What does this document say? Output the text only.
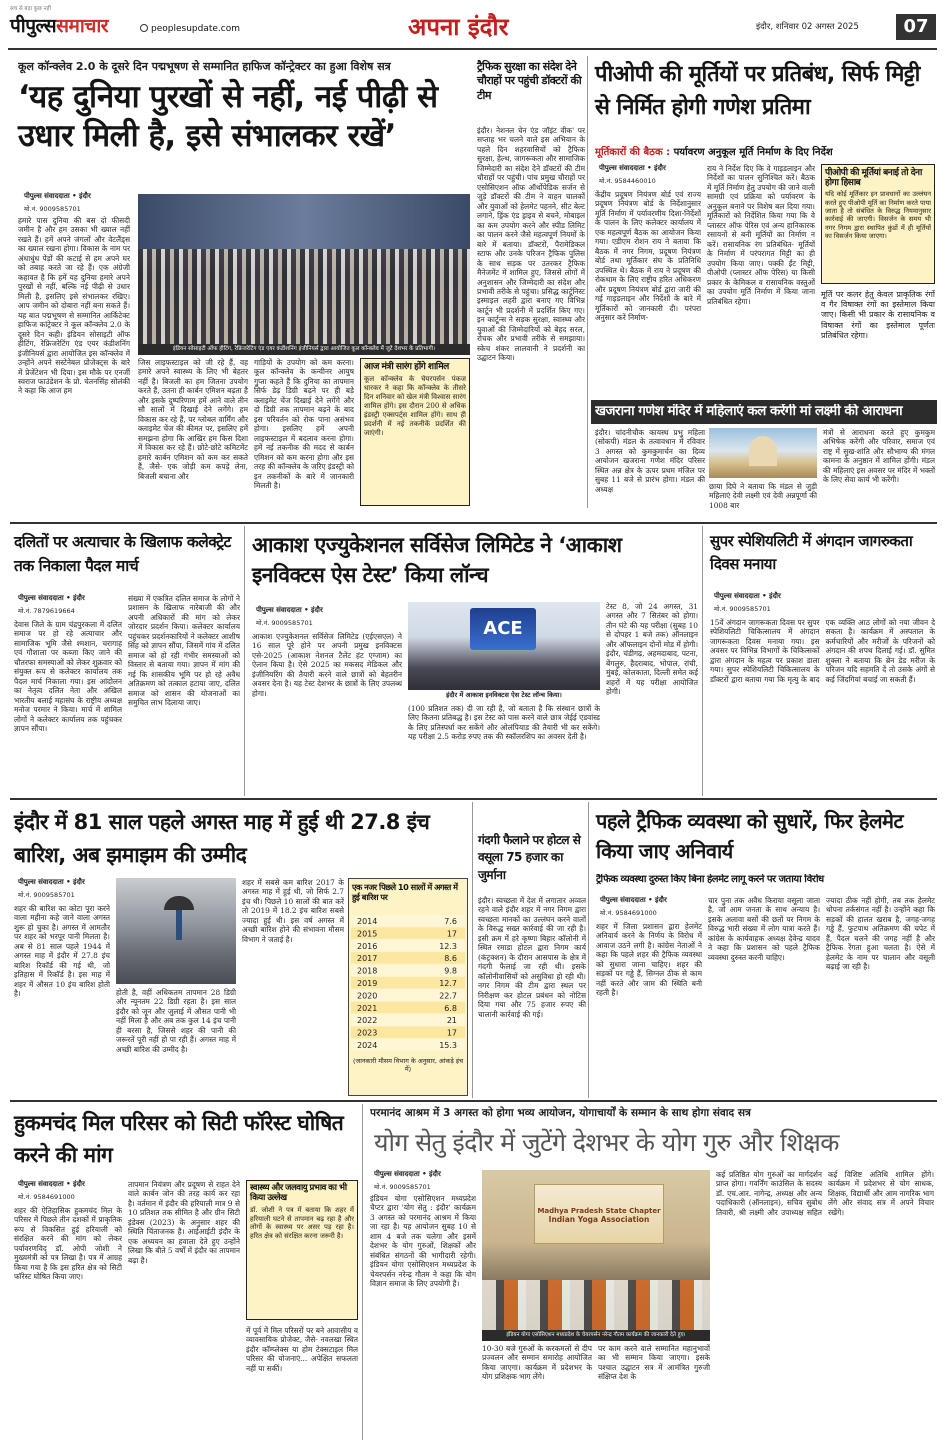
पीपुल्ससमाचार
सच से बड़ा कुछ नहीं
peoplesupdate.com	अपना इंदौर	इंदौर, शनिवार 02 अगस्त 2025	07
कूल कॉन्क्लेव 2.0 के दूसरे दिन पद्मभूषण से सम्मानित हाफिज कॉन्ट्रेक्टर का हुआ विशेष सत्र
‘यह दुनिया पुरखों से नहीं, नई पीढ़ी से उधार मिली है, इसे संभालकर रखें’
पीपुल्स संवाददाता • इंदौर
मो.नं. 9009585701
हमारे पास दुनिया की बस दो फीसदी जमीन है और हम उसका भी ख्याल नहीं रखते हैं। हमें अपने जंगलों और वेटलैंड्स का ख्याल रखना होगा। विकास के नाम पर अंधाधुंध पेड़ों की कटाई से हम अपने घर को तबाह करते जा रहे हैं। एक अंग्रेजी कहावत है कि हमें यह दुनिया हमारे अपने पुरखों से नहीं, बल्कि नई पीढ़ी से उधार मिली है, इसलिए इसे संभालकर रखिए। आप जमीन को दोबारा नहीं बना सकते हैं। यह बात पद्मभूषण से सम्मानित आर्किटेक्ट हाफिज कांट्रेक्टर ने कूल कॉन्क्लेव 2.0 के दूसरे दिन कही। इंडियन सोसाइटी ऑफ हीटिंग, रेफ्रिजरेटिंग एंड एयर कंडीशनिंग इंजीनियर्स द्वारा आयोजित इस कॉन्क्लेव में उन्होंने अपने सस्टेनेबल प्रोजेक्ट्स के बारे में प्रेजेंटेशन भी दिया। इस मौके पर एनर्जी स्वराज फाउंडेशन के प्रो. चेतनसिंह सोलंकी ने कहा कि आज हम
इंडियन सोसाइटी ऑफ हीटिंग, रेफ्रिजरेटिंग एंड एयर कंडीशनिंग इंजीनियर्स द्वारा आयोजित कूल कॉन्क्लेव में जुटे देशभर के प्रतिभागी।
जिस लाइफस्टाइल को जी रहे हैं, वह हमारे अपने स्वास्थ्य के लिए भी बेहतर नहीं है। बिजली का हम जितना उपयोग करते हैं, उतना ही कार्बन एमिशन बढ़ता है और इसके दुष्परिणाम हमें आने वाले तीन सौ सालों में दिखाई देने लगेंगे। हम विकास कर रहे हैं, पर ग्लोबल वार्मिंग और क्लाइमेट चेंज की कीमत पर, इसलिए हमें समझना होगा कि आखिर हम किस दिशा में विकास कर रहे हैं। छोटे-छोटे कमिटमेंट हमारे कार्बन एमिशन को कम कर सकते हैं, जैसे- एक जोड़ी कम कपड़े लेना, बिजली बचाना और
गाड़ियों के उपयोग को कम करना। कूल कॉन्क्लेव के कन्वीनर आयुष गुप्ता कहते हैं कि दुनिया का तापमान सिर्फ डेढ़ डिग्री बढ़ने पर ही बड़े क्लाइमेट चेंज दिखाई देने लगेंगे और दो डिग्री तक तापमान बढ़ने के बाद इस परिवर्तन को रोक पाना असंभव होगा। इसलिए हमें अपनी लाइफस्टाइल में बदलाव करना होगा। हमें नई तकनीक की मदद से कार्बन एमिशन को कम करना होगा और इस तरह की कॉन्क्लेव के जरिए इंडस्ट्री को इन तकनीकों के बारे में जानकारी मिलती है।
आज मंत्री सारंग होंगे शामिल
कूल कॉन्क्लेव के चेयरपर्सन पंकज धारकर ने कहा कि कॉन्क्लेव के तीसरे दिन शनिवार को खेल मंत्री विश्वास सारंग शामिल होंगे। इस दौरान 200 से अधिक इंडस्ट्री एक्सपर्ट्स शामिल होंगे। साथ ही प्रदर्शनी में नई तकनीकें प्रदर्शित की जाएंगी।
ट्रैफिक सुरक्षा का संदेश देने चौराहों पर पहुंची डॉक्टरों की टीम
इंदौर। नेशनल चेन एंड जॉइंट वीक' पर सप्ताह भर चलने वाले इस अभियान के पहले दिन शहरवासियों को ट्रैफिक सुरक्षा, हेल्थ, जागरूकता और सामाजिक जिम्मेदारी का संदेश देने डॉक्टरों की टीम चौराहों पर पहुंची। पांच प्रमुख चौराहों पर एसोसिएशन ऑफ ऑर्थोपेडिक सर्जन से जुड़े डॉक्टरों की टीम ने वाहन चालकों और युवाओं को हेलमेट पहनने, सीट बेल्ट लगाने, ड्रिंक एंड ड्राइव से बचने, मोबाइल का कम उपयोग करने और स्पीड लिमिट का पालन करने जैसे महत्वपूर्ण नियमों के बारे में बताया। डॉक्टरों, पैरामेडिकल स्टाफ और उनके परिजन ट्रैफिक पुलिस के साथ सड़क पर उतरकर ट्रैफिक मैनेजमेंट में शामिल हुए, जिससे लोगों में अनुशासन और जिम्मेदारी का संदेश और प्रभावी तरीके से पहुंचा। प्रसिद्ध कार्टूनिस्ट इस्माइल लहरी द्वारा बनाए गए विभिन्न कार्टून भी प्रदर्शनी में प्रदर्शित किए गए। इन कार्टून्स ने सड़क सुरक्षा, स्वास्थ्य और युवाओं की जिम्मेदारियों को बेहद सरल, रोचक और प्रभावी तरीके से समझाया। स्केच शंकर लालवानी ने प्रदर्शनी का उद्घाटन किया।
पीओपी की मूर्तियों पर प्रतिबंध, सिर्फ मिट्टी से निर्मित होगी गणेश प्रतिमा
मूर्तिकारों की बैठक : पर्यावरण अनुकूल मूर्ति निर्माण के दिए निर्देश
पीपुल्स संवाददाता • इंदौर
मो.नं. 9584460010
केंद्रीय प्रदूषण नियंत्रण बोर्ड एवं राज्य प्रदूषण नियंत्रण बोर्ड के निर्देशानुसार मूर्ति निर्माण में पर्यावरणीय दिशा-निर्देशों के पालन के लिए कलेक्टर कार्यालय में एक महत्वपूर्ण बैठक का आयोजन किया गया। एडीएम रोशन राय ने बताया कि बैठक में नगर निगम, प्रदूषण नियंत्रण बोर्ड तथा मूर्तिकार संघ के प्रतिनिधि उपस्थित थे। बैठक में राय ने प्रदूषण की रोकथाम के लिए राष्ट्रीय हरित अधिकरण और प्रदूषण नियंत्रण बोर्ड द्वारा जारी की गई गाइडलाइन और निर्देशों के बारे में मूर्तिकारों को जानकारी दी। परंपरा अनुसार करें निर्माण-
राय ने निर्देश दिए कि वे गाइडलाइन और निर्देशों का पालन सुनिश्चित करें। बैठक में मूर्ति निर्माण हेतु उपयोग की जाने वाली सामग्री एवं प्रक्रिया को पर्यावरण के अनुकूल बनाने पर विशेष बल दिया गया। मूर्तिकारों को निर्देशित किया गया कि वे प्लास्टर ऑफ पेरिस एवं अन्य हानिकारक रसायनों से बनी मूर्तियों का निर्माण न करें। रासायनिक रंग प्रतिबंधित- मूर्तियों के निर्माण में परंपरागत मिट्टी का ही उपयोग किया जाए। पक्की ईंट मिट्टी, पीओपी (प्लास्टर ऑफ पेरिस) या किसी प्रकार के केमिकल व रासायनिक वस्तुओं का उपयोग मूर्ति निर्माण में किया जाना प्रतिबंधित रहेगा।
पीओपी की मूर्तियां बनाई तो देना होगा हिसाब
यदि कोई मूर्तिकार इन प्रावधानों का उल्लंघन करते हुए पीओपी मूर्ति का निर्माण करते पाया जाता है तो संबंधित के विरुद्ध नियमानुसार कार्रवाई की जाएगी। विसर्जन के समय भी नगर निगम द्वारा स्थापित कुंडों में ही मूर्तियों का विसर्जन किया जाएगा।
मूर्ति पर कलर हेतु केवल प्राकृतिक रंगों व गैर विषाक्त रंगों का इस्तेमाल किया जाए। किसी भी प्रकार के रासायनिक व विषाक्त रंगों का इस्तेमाल पूर्णतः प्रतिबंधित रहेगा।
खजराना गणेश मंदिर में महिलाएं कल करेंगी मां लक्ष्मी की आराधना
इंदौर। चांदनीचौक कायस्थ प्रभु महिला (सोकपी) मंडल के तत्वावधान में रविवार 3 अगस्त को कुमकुमार्चन का दिव्य आयोजन खजराना गणेश मंदिर परिसर स्थित अन्न क्षेत्र के ऊपर प्रथम मंजिल पर सुबह 11 बजे से प्रारंभ होगा। मंडल की अध्यक्ष	छाया दिघे ने बताया कि मंडल से जुड़ी महिलाएं देवी लक्ष्मी एवं देवी अन्नपूर्णा की 1008 बार
मंत्रों से आराधना करते हुए कुमकुम अभिषेक करेंगी और परिवार, समाज एवं राष्ट्र में सुख-शांति और सौभाग्य की मंगल कामना के अनुष्ठान में शामिल होंगी। मंडल की महिलाएं इस अवसर पर मंदिर में भक्तों के लिए सेवा कार्य भी करेंगी।
दलितों पर अत्याचार के खिलाफ कलेक्ट्रेट तक निकाला पैदल मार्च
पीपुल्स संवाददाता • इंदौर
मो.नं. 7879619664
देवास जिले के ग्राम चंद्रपुरकला में दलित समाज पर हो रहे अत्याचार और सामाजिक भूमि जैसे श्मशान, चरागाह एवं गौशाला पर कब्जा किए जाने की चौतरफा समस्याओं को लेकर शुक्रवार को संयुक्त रूप से कलेक्टर कार्यालय तक पैदल मार्च निकाला गया। इस आंदोलन का नेतृत्व दलित नेता और अखिल भारतीय बलाई महासंघ के राष्ट्रीय अध्यक्ष मनोज परमार ने किया। मार्च में शामिल लोगों ने कलेक्टर कार्यालय तक पहुंचकर ज्ञापन सौंपा।
संख्या में एकत्रित दलित समाज के लोगों ने प्रशासन के खिलाफ नारेबाजी की और अपनी अधिकारों की मांग को लेकर जोरदार प्रदर्शन किया। कलेक्टर कार्यालय पहुंचकर प्रदर्शनकारियों ने कलेक्टर आशीष सिंह को ज्ञापन सौंपा, जिसमें गांव में दलित समाज को हो रही गंभीर समस्याओं को विस्तार से बताया गया। ज्ञापन में मांग की गई कि शासकीय भूमि पर हो रहे अवैध अतिक्रमण को तत्काल हटाया जाए, दलित समाज को शासन की योजनाओं का समुचित लाभ दिलाया जाए।
आकाश एज्युकेशनल सर्विसेज लिमिटेड ने ‘आकाश इनविक्टस ऐस टेस्ट’ किया लॉन्च
पीपुल्स संवाददाता • इंदौर
मो.नं. 9009585701	ACE
इंदौर में आकाश इनविक्टस ऐस टेस्ट लॉन्च किया।
आकाश एज्युकेशनल सर्विसेज लिमिटेड (एईएसएल) ने 16 साल पूरे होने पर अपनी प्रमुख इनविक्टस एसे-2025 (आकाश नेशनल टैलेंट हंट एग्जाम) का ऐलान किया है। ऐसे 2025 का मकसद मेडिकल और इंजीनियरिंग की तैयारी करने वाले छात्रों को बेहतरीन अवसर देना है। यह टेस्ट देशभर के छात्रों के लिए उपलब्ध होगा।
(100 प्रतिशत तक) दी जा रही है, जो बताता है कि संस्थान छात्रों के लिए कितना प्रतिबद्ध है। इस टेस्ट को पास करने वाले छात्र जेईई एडवांस्ड के लिए प्रतिस्पर्धा कर सकेंगे और ओलंपियाड की तैयारी भी कर सकेंगे। यह परीक्षा 2.5 करोड़ रुपए तक की स्कॉलरशिप का अवसर देती है।
टेस्ट 8, जो 24 अगस्त, 31 अगस्त और 7 सितंबर को होगा। तीन घंटे की यह परीक्षा (सुबह 10 से दोपहर 1 बजे तक) ऑनलाइन और ऑफलाइन दोनों मोड में होगी। इंदौर, चंडीगढ़, अहमदाबाद, पटना, बेंगलुरु, हैदराबाद, भोपाल, रांची, मुंबई, कोलकाता, दिल्ली समेत कई शहरों में यह परीक्षा आयोजित होगी।
सुपर स्पेशियलिटी में अंगदान जागरुकता दिवस मनाया
पीपुल्स संवाददाता • इंदौर
मो.नं. 9009585701
15वें अंगदान जागरूकता दिवस पर सुपर स्पेशियलिटी चिकित्सालय में अंगदान जागरूकता दिवस मनाया गया। इस अवसर पर विभिन्न विभागों के चिकित्सकों द्वारा अंगदान के महत्व पर प्रकाश डाला गया। सुपर स्पेशियलिटी चिकित्सालय के डॉक्टरों द्वारा बताया गया कि मृत्यु के बाद एक व्यक्ति आठ लोगों को नया जीवन दे सकता है। कार्यक्रम में अस्पताल के कर्मचारियों और मरीजों के परिजनों को अंगदान की शपथ दिलाई गई। डॉ. सुमित शुक्ला ने बताया कि ब्रेन डेड मरीज के परिजन यदि सहमति दें तो उसके अंगों से कई जिंदगियां बचाई जा सकती हैं।
इंदौर में 81 साल पहले अगस्त माह में हुई थी 27.8 इंच बारिश, अब झमाझम की उम्मीद
पीपुल्स संवाददाता • इंदौर
मो.नं. 9009585701
शहर की बारिश का कोटा पूरा करने वाला महीना कहे जाने वाला अगस्त शुरू हो चुका है। अगस्त में आमतौर पर शहर को भरपूर पानी मिलता है। अब से 81 साल पहले 1944 में अगस्त माह में इंदौर में 27.8 इंच बारिश रिकॉर्ड की गई थी, जो इतिहास में रिकॉर्ड है। इस माह में शहर में औसत 10 इंच बारिश होती है।	होती है, वहीं अधिकतम तापमान 28 डिग्री और न्यूनतम 22 डिग्री रहता है। इस साल इंदौर को जून और जुलाई में औसत पानी भी नहीं मिला है और अब तक कुल 14 इंच पानी ही बरसा है, जिससे शहर की पानी की जरूरतें पूरी नहीं हो पा रही हैं। अगस्त माह में अच्छी बारिश की उम्मीद है।
शहर में सबसे कम बारिश 2017 के अगस्त माह में हुई थी, जो सिर्फ 2.7 इंच थी। पिछले 10 सालों की बात करें तो 2019 में 18.2 इंच बारिश सबसे ज्यादा हुई थी। इस वर्ष अगस्त में अच्छी बारिश होने की संभावना मौसम विभाग ने जताई है।
एक नजर पिछले 10 सालों में अगस्त में हुई बारिश पर
2014	7.6
2015	17
2016	12.3
2017	8.6
2018	9.8
2019	12.7
2020	22.7
2021	6.8
2022	21
2023	17
2024	15.3
(जानकारी मौसम विभाग के अनुसार, आंकड़े इंच में)
गंदगी फैलाने पर होटल से वसूला 75 हजार का जुर्माना
इंदौर। स्वच्छता में देश में लगातार अव्वल रहने वाले इंदौर शहर में नगर निगम द्वारा स्वच्छता मानकों का उल्लंघन करने वालों के विरुद्ध सख्त कार्रवाई की जा रही है। इसी क्रम में हरे कृष्णा बिहार कॉलोनी में स्थित रमाडा होटल द्वारा निगम कार्य (कंट्रक्शन) के दौरान आसपास के क्षेत्र में गंदगी फैलाई जा रही थी। इसके कॉलोनीवासियों को असुविधा हो रही थी। नगर निगम की टीम द्वारा स्थल पर निरीक्षण कर होटल प्रबंधन को नोटिस दिया गया और 75 हजार रुपए की चालानी कार्रवाई की गई।
पहले ट्रैफिक व्यवस्था को सुधारें, फिर हेलमेट किया जाए अनिवार्य
ट्रैफिक व्यवस्था दुरुस्त किए बिना हेलमेट लागू करने पर जताया विरोध
पीपुल्स संवाददाता • इंदौर
मो.नं. 9584691000
शहर में जिला प्रशासन द्वारा हेलमेट अनिवार्य करने के निर्णय के विरोध में आवाज उठने लगी है। कांग्रेस नेताओं ने कहा कि पहले शहर की ट्रैफिक व्यवस्था को सुधारा जाना चाहिए। शहर की सड़कों पर गड्ढे हैं, सिग्नल ठीक से काम नहीं करते और जाम की स्थिति बनी रहती है।
चार पुना तक अवैध किराया वसूला जाता है, जो आम जनता के साथ अन्याय है। इसके अलावा बसों की छतों पर निगम के विरुद्ध भारी संख्या में लोग यात्रा करते हैं। कांग्रेस के कार्यवाहक अध्यक्ष देवेन्द्र यादव ने कहा कि प्रशासन को पहले ट्रैफिक व्यवस्था दुरुस्त करनी चाहिए।
ज्यादा ठीक नहीं होगी, तब तक हेलमेट थोपना तर्कसंगत नहीं है। उन्होंने कहा कि सड़कों की हालत खराब है, जगह-जगह गड्ढे हैं, फुटपाथ अतिक्रमण की चपेट में हैं, पैदल चलने की जगह नहीं है और ट्रैफिक रेंगता हुआ चलता है। ऐसे में हेलमेट के नाम पर चालान और वसूली बढ़ाई जा रही है।
हुकमचंद मिल परिसर को सिटी फॉरेस्ट घोषित करने की मांग
पीपुल्स संवाददाता • इंदौर
मो.नं. 9584691000
शहर की ऐतिहासिक हुकमचंद मिल के परिसर में पिछले तीन दशकों में प्राकृतिक रूप से विकसित हुई हरियाली को संरक्षित करने की मांग को लेकर पर्यावरणविद् डॉ. ओपी जोशी ने मुख्यमंत्री को पत्र लिखा है। पत्र में आग्रह किया गया है कि इस हरित क्षेत्र को सिटी फॉरेस्ट घोषित किया जाए।
तापमान नियंत्रण और प्रदूषण से राहत देने वाले कार्बन जोन की तरह कार्य कर रहा है। वर्तमान में इंदौर की हरियाली मात्र 9 से 10 प्रतिशत तक सीमित है और ग्रीन सिटी इंडेक्स (2023) के अनुसार शहर की स्थिति चिंताजनक है। आईआईटी इंदौर के एक अध्ययन का हवाला देते हुए उन्होंने लिखा कि बीते 5 वर्षों में इंदौर का तापमान बढ़ा है।
स्वास्थ्य और जलवायु प्रभाव का भी किया उल्लेख
डॉ. जोशी ने पत्र में बताया कि शहर में हरियाली घटने से तापमान बढ़ रहा है और लोगों के स्वास्थ्य पर असर पड़ रहा है। हरित क्षेत्र को संरक्षित करना जरूरी है।
में पूर्व में मिल परिसरों पर बने आवासीय व व्यावसायिक प्रोजेक्ट, जैसे- नवलखा स्थित इंदौर कॉम्प्लेक्स या होम टेक्सटाइल मिल परिसर की योजनाएं... अपेक्षित सफलता नहीं पा सकीं।
परमानंद आश्रम में 3 अगस्त को होगा भव्य आयोजन, योगाचार्यों के सम्मान के साथ होगा संवाद सत्र
योग सेतु इंदौर में जुटेंगे देशभर के योग गुरु और शिक्षक
पीपुल्स संवाददाता • इंदौर
मो.नं. 9009585701
इंडियन योगा एसोसिएशन मध्यप्रदेश चैप्टर द्वारा 'योग सेतु : इंदौर' कार्यक्रम 3 अगस्त को परमानंद आश्रम में किया जा रहा है। यह आयोजन सुबह 10 से शाम 4 बजे तक चलेगा और इसमें देशभर के योग गुरुओं, शिक्षकों और संबंधित संगठनों की भागीदारी रहेगी। इंडियन योगा एसोसिएशन मध्यप्रदेश के चेयरपर्सन नरेन्द्र गौतम ने कहा कि योग विज्ञान समाज के लिए उपयोगी है।
Madhya Pradesh State Chapter
Indian Yoga Association
इंडियन योगा एसोसिएशन मध्यप्रदेश के चेयरपर्सन नरेन्द्र गौतम कार्यक्रम की जानकारी देते हुए।
10-30 बजे गुरुओं के करकमलों से दीप प्रज्वलन और सम्मान समारोह आयोजित किया जाएगा। कार्यक्रम में प्रदेशभर के योग प्रशिक्षक भाग लेंगे।
पर काम करने वाले सम्मानित महानुभावों का भी सम्मान किया जाएगा। इसके पश्चात उद्घाटन सत्र में आमंत्रित गुरुजी संक्षिप्त देश के
कई प्रतिष्ठित योग गुरुओं का मार्गदर्शन प्राप्त होगा। गवर्निंग काउंसिल के सदस्य डॉ. एच.आर. नागेन्द्र, अध्यक्ष और अन्य पदाधिकारी (ऑनलाइन), सचिव सुबोध तिवारी, श्री लक्ष्मी और उपाध्यक्ष सहित कई विशिष्ट अतिथि शामिल होंगे। कार्यक्रम में प्रदेशभर से योग साधक, शिक्षक, विद्यार्थी और आम नागरिक भाग लेंगे और संवाद सत्र में अपने विचार रखेंगे।
